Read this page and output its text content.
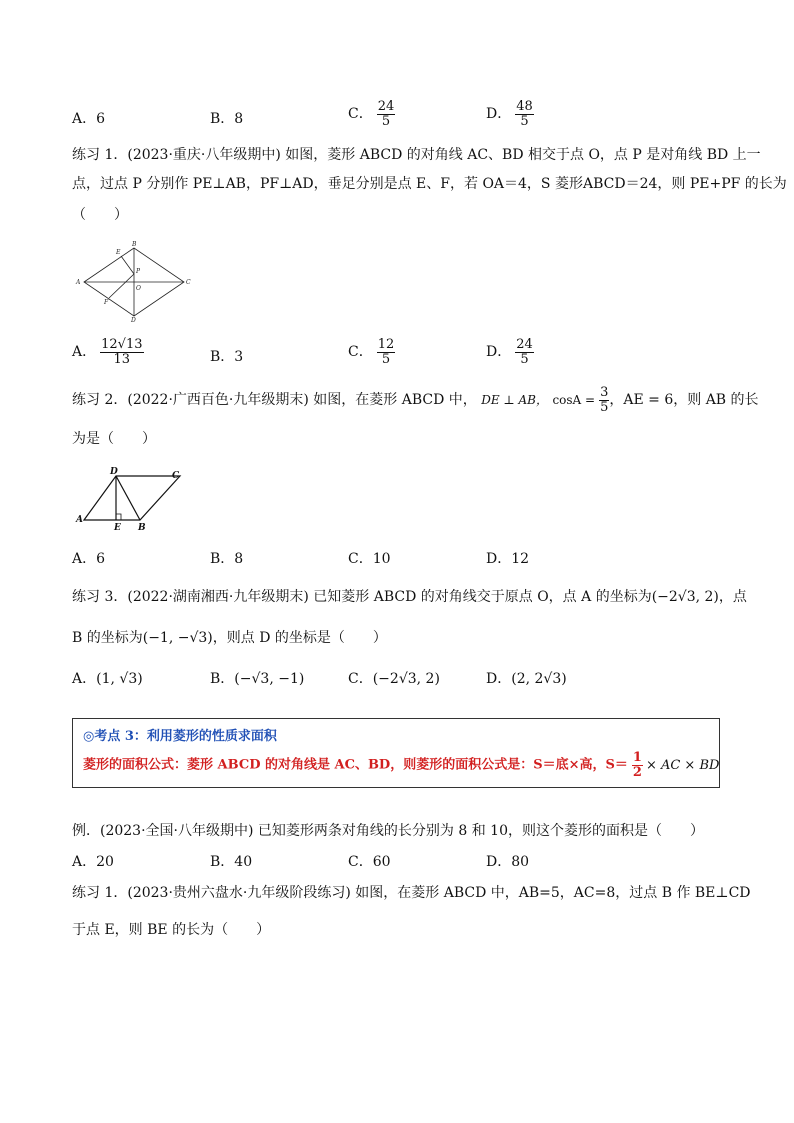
A．6	B．8	C． $\frac{24}{5}$	D． $\frac{48}{5}$
练习 1．(2023·重庆·八年级期中) 如图，菱形 ABCD 的对角线 AC、BD 相交于点 O，点 P 是对角线 BD 上一
点，过点 P 分别作 PE⊥AB，PF⊥AD，垂足分别是点 E、F，若 OA＝4，S 菱形ABCD＝24，则 PE+PF 的长为
（　　）
A
B
C
D
E
F
P
O
A． $\frac{12√13}{13}$	B．3	C． $\frac{12}{5}$	D． $\frac{24}{5}$
练习 2．(2022·广西百色·九年级期末) 如图，在菱形 ABCD 中， DE ⊥ AB， $\cos A = \frac{3}{5}$ ，AE = 6，则 AB 的长
为是（　　）
A
B
C
D
E
A．6	B．8	C．10	D．12
练习 3．(2022·湖南湘西·九年级期末) 已知菱形 ABCD 的对角线交于原点 O，点 A 的坐标为(−2√3, 2)，点
B 的坐标为(−1, −√3)，则点 D 的坐标是（　　）
A．(1, √3)	B．(−√3, −1)	C．(−2√3, 2)	D．(2, 2√3)
◎考点 3：利用菱形的性质求面积
菱形的面积公式：菱形 ABCD 的对角线是 AC、BD，则菱形的面积公式是：S＝底×高，$S= \frac{1}{2}$ × AC × BD
例．(2023·全国·八年级期中) 已知菱形两条对角线的长分别为 8 和 10，则这个菱形的面积是（　　）
A．20	B．40	C．60	D．80
练习 1．(2023·贵州六盘水·九年级阶段练习) 如图，在菱形 ABCD 中，AB=5，AC=8，过点 B 作 BE⊥CD
于点 E，则 BE 的长为（　　）
